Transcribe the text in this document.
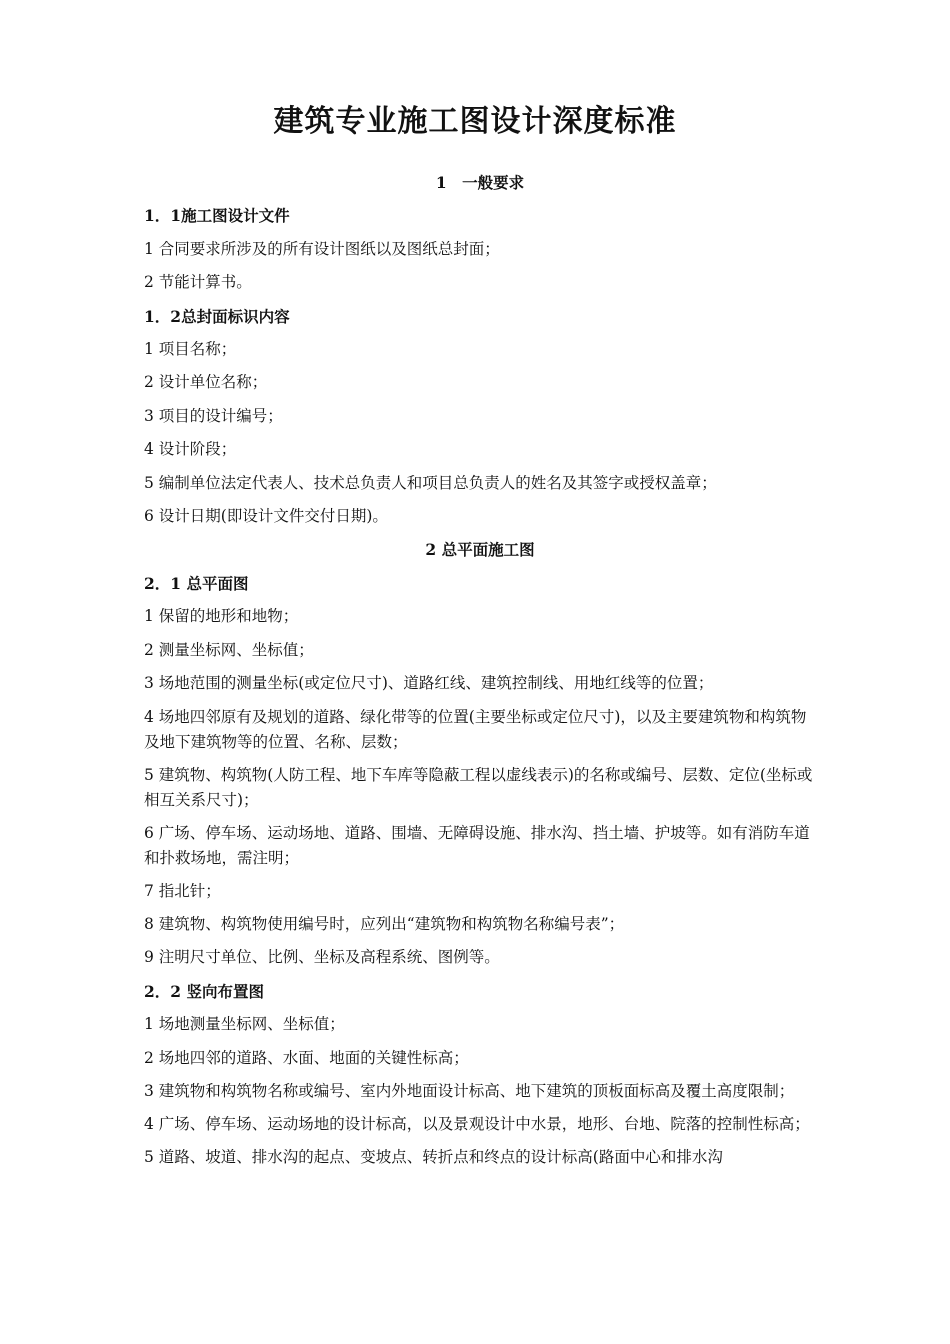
建筑专业施工图设计深度标准

1　一般要求

1．1施工图设计文件

1 合同要求所涉及的所有设计图纸以及图纸总封面；

2 节能计算书。

1．2总封面标识内容

1 项目名称；

2 设计单位名称；

3 项目的设计编号；

4 设计阶段；

5 编制单位法定代表人、技术总负责人和项目总负责人的姓名及其签字或授权盖章；

6 设计日期(即设计文件交付日期)。

2 总平面施工图

2．1 总平面图

1 保留的地形和地物；

2 测量坐标网、坐标值；

3 场地范围的测量坐标(或定位尺寸)、道路红线、建筑控制线、用地红线等的位置；

4 场地四邻原有及规划的道路、绿化带等的位置(主要坐标或定位尺寸)，以及主要建筑物和构筑物及地下建筑物等的位置、名称、层数；

5 建筑物、构筑物(人防工程、地下车库等隐蔽工程以虚线表示)的名称或编号、层数、定位(坐标或相互关系尺寸)；

6 广场、停车场、运动场地、道路、围墙、无障碍设施、排水沟、挡土墙、护坡等。如有消防车道和扑救场地，需注明；

7 指北针；

8 建筑物、构筑物使用编号时，应列出“建筑物和构筑物名称编号表”；

9 注明尺寸单位、比例、坐标及高程系统、图例等。

2．2 竖向布置图

1 场地测量坐标网、坐标值；

2 场地四邻的道路、水面、地面的关键性标高；

3 建筑物和构筑物名称或编号、室内外地面设计标高、地下建筑的顶板面标高及覆土高度限制；

4 广场、停车场、运动场地的设计标高，以及景观设计中水景，地形、台地、院落的控制性标高；

5 道路、坡道、排水沟的起点、变坡点、转折点和终点的设计标高(路面中心和排水沟
